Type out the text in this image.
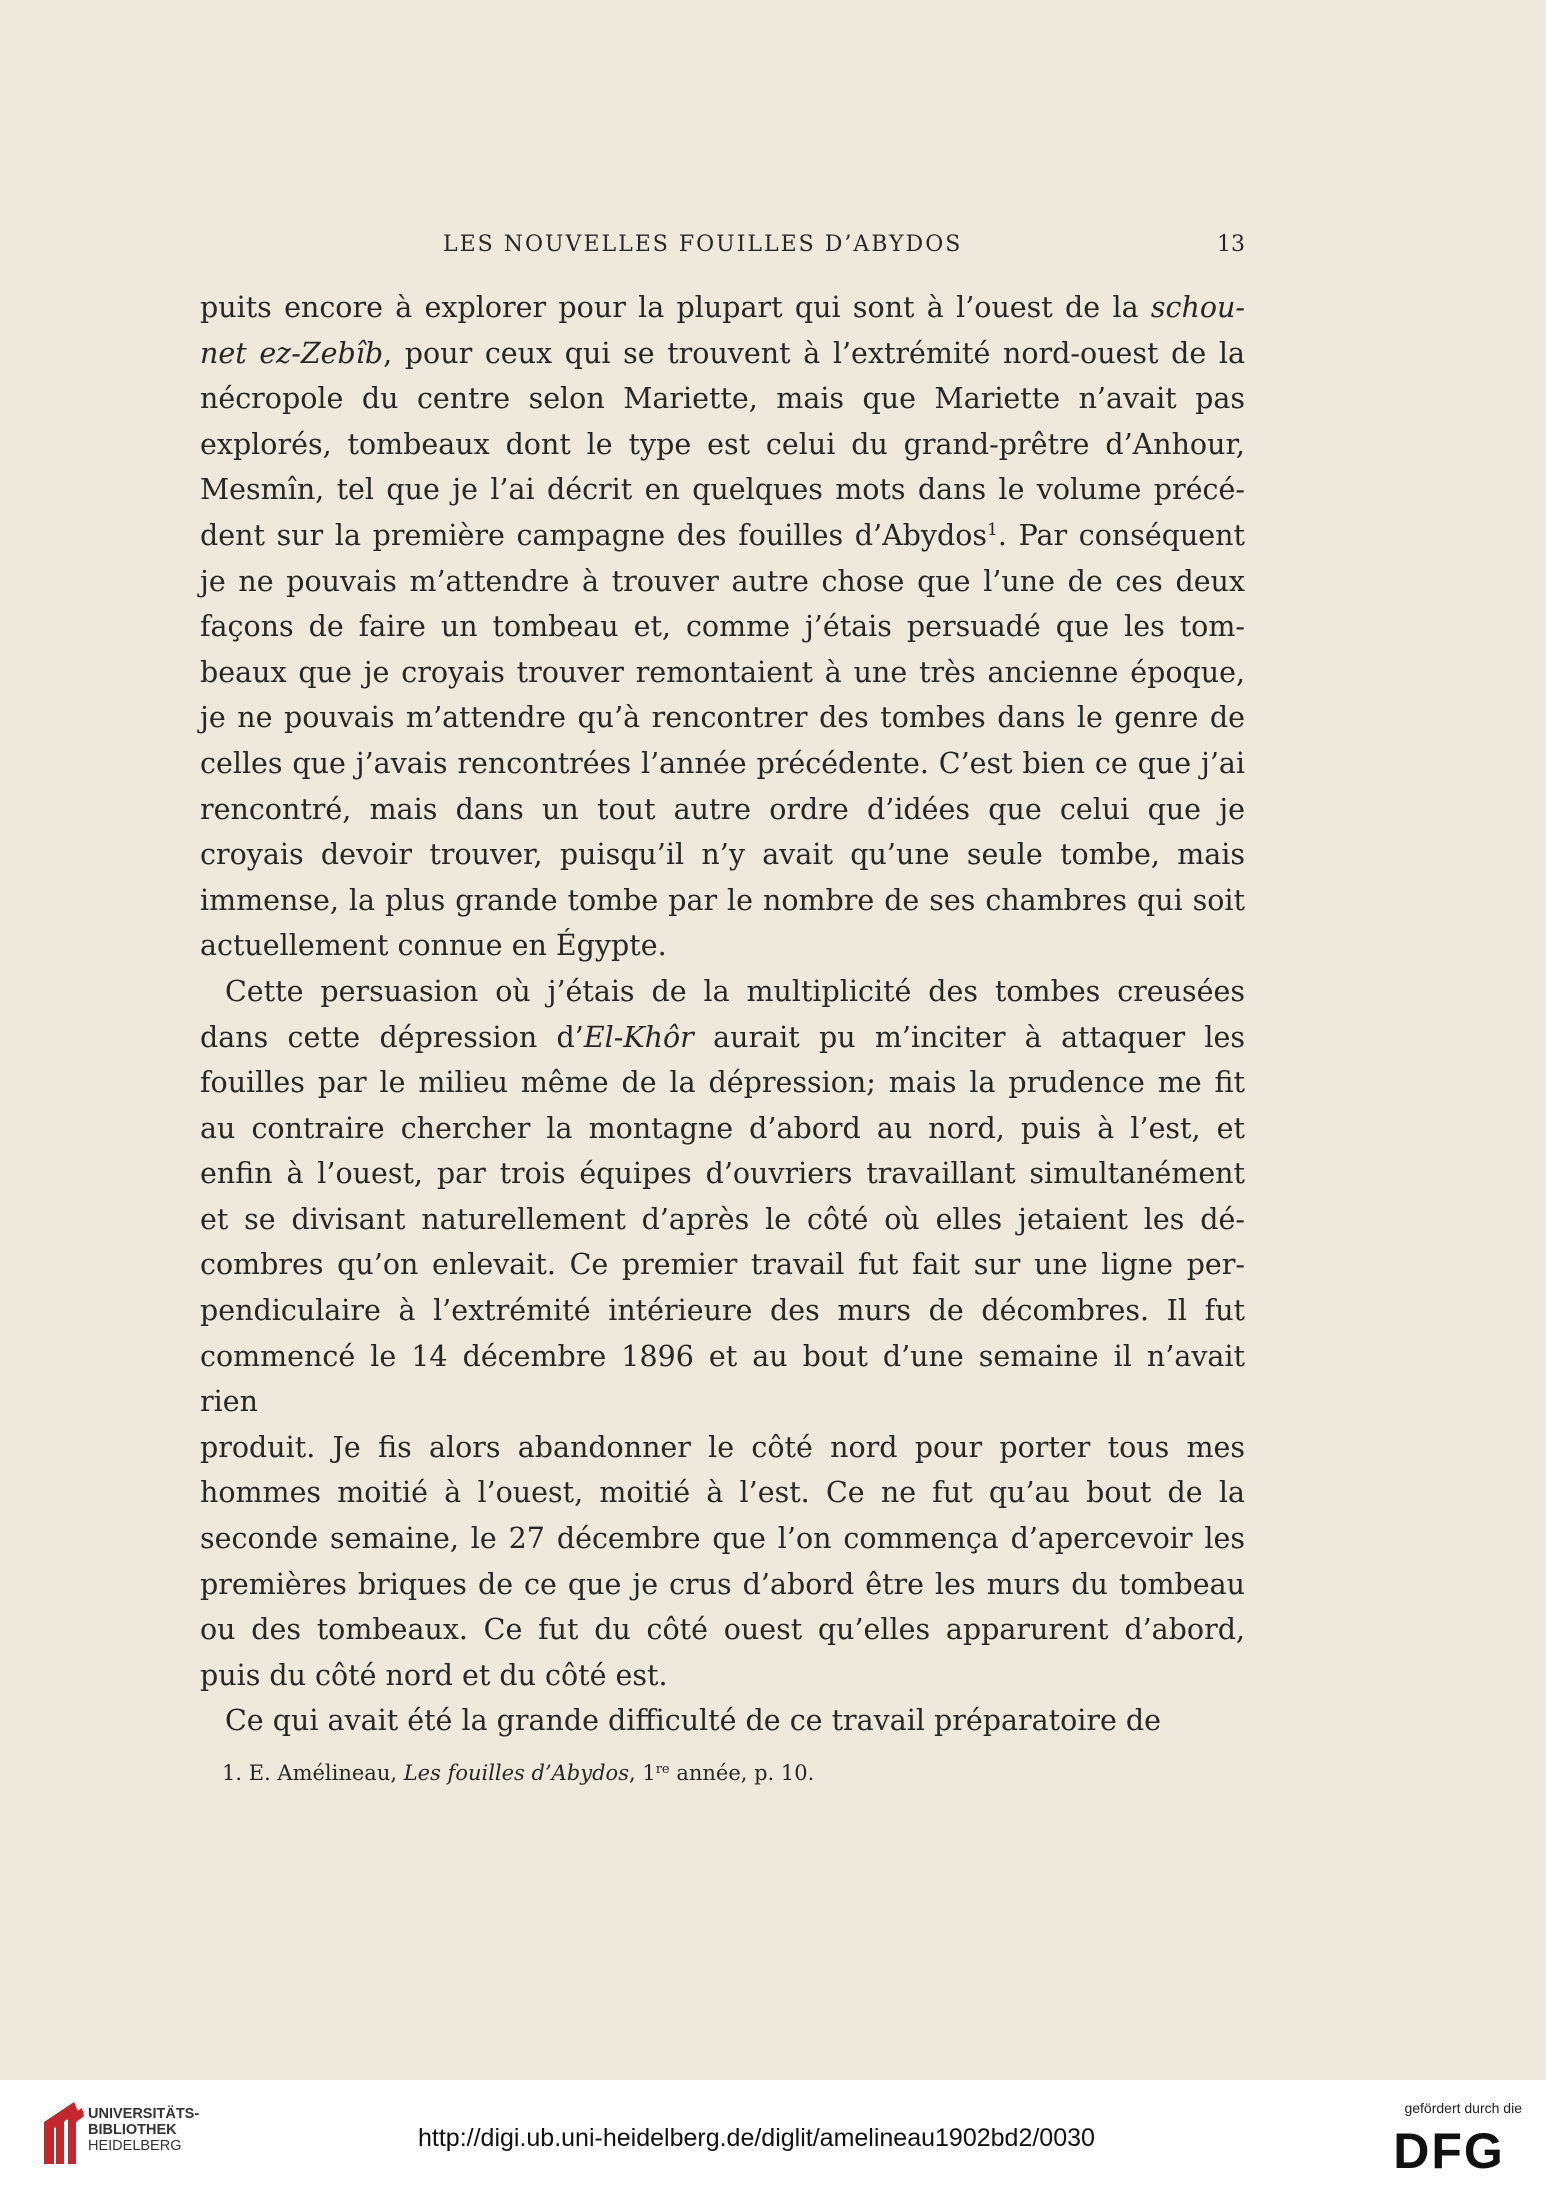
LES NOUVELLES FOUILLES D’ABYDOS	13

puits encore à explorer pour la plupart qui sont à l’ouest de la schou-

net ez-Zebîb, pour ceux qui se trouvent à l’extrémité nord-ouest de la

nécropole du centre selon Mariette, mais que Mariette n’avait pas

explorés, tombeaux dont le type est celui du grand-prêtre d’Anhour,

Mesmîn, tel que je l’ai décrit en quelques mots dans le volume précé-

dent sur la première campagne des fouilles d’Abydos$^1$. Par conséquent

je ne pouvais m’attendre à trouver autre chose que l’une de ces deux

façons de faire un tombeau et, comme j’étais persuadé que les tom-

beaux que je croyais trouver remontaient à une très ancienne époque,

je ne pouvais m’attendre qu’à rencontrer des tombes dans le genre de

celles que j’avais rencontrées l’année précédente. C’est bien ce que j’ai

rencontré, mais dans un tout autre ordre d’idées que celui que je

croyais devoir trouver, puisqu’il n’y avait qu’une seule tombe, mais

immense, la plus grande tombe par le nombre de ses chambres qui soit

actuellement connue en Égypte.

Cette persuasion où j’étais de la multiplicité des tombes creusées

dans cette dépression d’El-Khôr aurait pu m’inciter à attaquer les

fouilles par le milieu même de la dépression; mais la prudence me fit

au contraire chercher la montagne d’abord au nord, puis à l’est, et

enfin à l’ouest, par trois équipes d’ouvriers travaillant simultanément

et se divisant naturellement d’après le côté où elles jetaient les dé-

combres qu’on enlevait. Ce premier travail fut fait sur une ligne per-

pendiculaire à l’extrémité intérieure des murs de décombres. Il fut

commencé le 14 décembre 1896 et au bout d’une semaine il n’avait rien

produit. Je fis alors abandonner le côté nord pour porter tous mes

hommes moitié à l’ouest, moitié à l’est. Ce ne fut qu’au bout de la

seconde semaine, le 27 décembre que l’on commença d’apercevoir les

premières briques de ce que je crus d’abord être les murs du tombeau

ou des tombeaux. Ce fut du côté ouest qu’elles apparurent d’abord,

puis du côté nord et du côté est.

Ce qui avait été la grande difficulté de ce travail préparatoire de

1. E. Amélineau, Les fouilles d’Abydos, 1re année, p. 10.
UNIVERSITÄTS-
BIBLIOTHEK
HEIDELBERG	http://digi.ub.uni-heidelberg.de/diglit/amelineau1902bd2/0030
gefördert durch die
DFG
